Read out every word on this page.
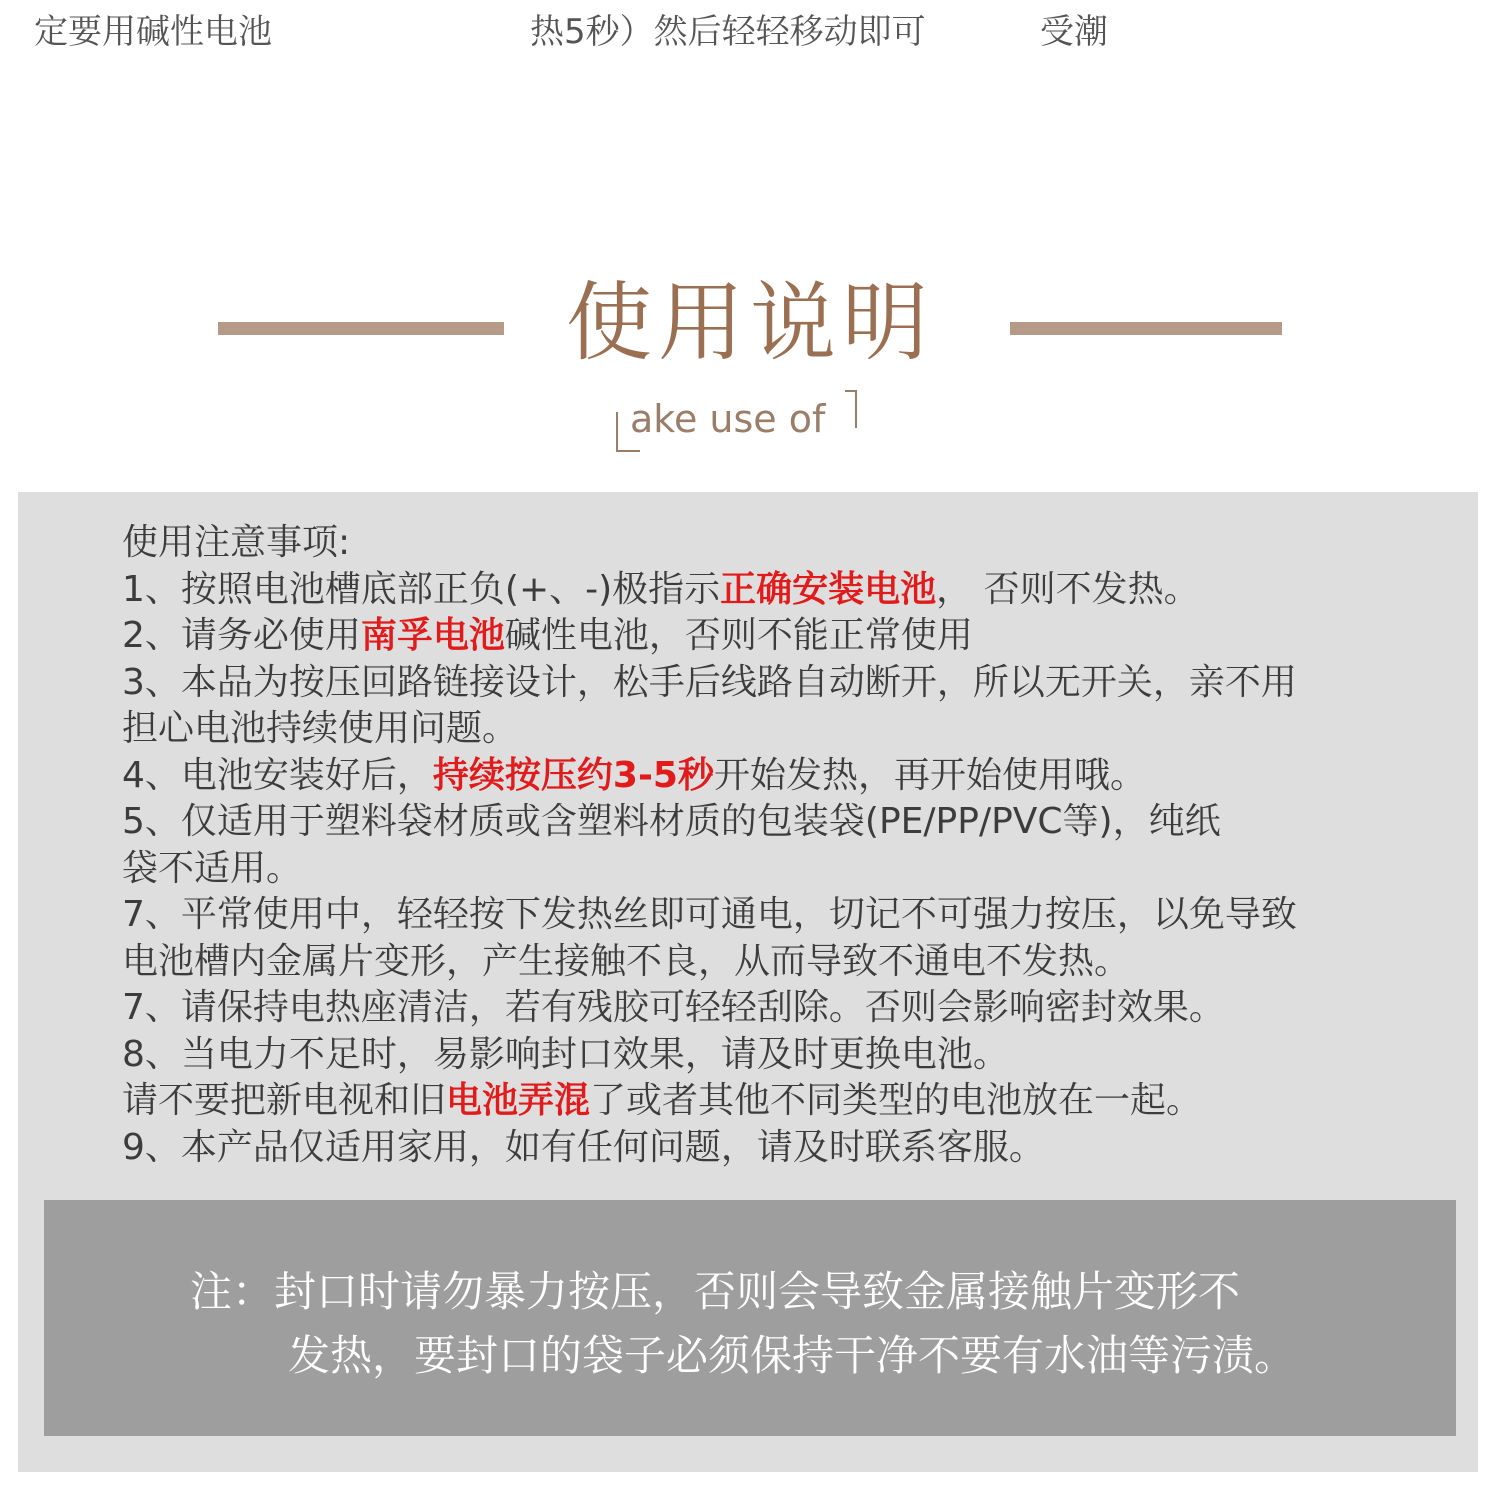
定要用碱性电池	热5秒）然后轻轻移动即可	受潮
使用说明
ake use of

使用注意事项:

1、按照电池槽底部正负(+、-)极指示正确安装电池， 否则不发热。

2、请务必使用南孚电池碱性电池，否则不能正常使用

3、本品为按压回路链接设计，松手后线路自动断开，所以无开关，亲不用

担心电池持续使用问题。

4、电池安装好后，持续按压约3-5秒开始发热，再开始使用哦。

5、仅适用于塑料袋材质或含塑料材质的包装袋(PE/PP/PVC等)，纯纸

袋不适用。

7、平常使用中，轻轻按下发热丝即可通电，切记不可强力按压，以免导致

电池槽内金属片变形，产生接触不良，从而导致不通电不发热。

7、请保持电热座清洁，若有残胶可轻轻刮除。否则会影响密封效果。

8、当电力不足时，易影响封口效果，请及时更换电池。

请不要把新电视和旧电池弄混了或者其他不同类型的电池放在一起。

9、本产品仅适用家用，如有任何问题，请及时联系客服。

注：封口时请勿暴力按压，否则会导致金属接触片变形不

发热，要封口的袋子必须保持干净不要有水油等污渍。
